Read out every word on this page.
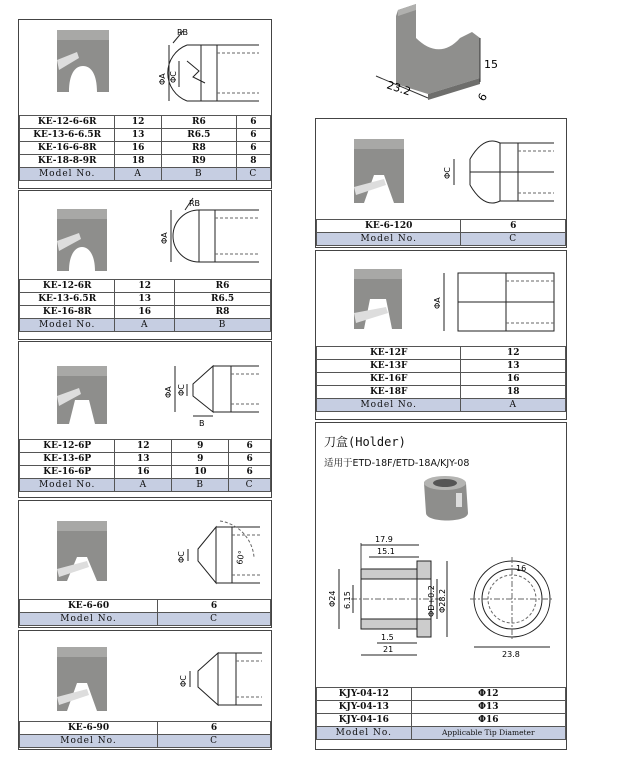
RB
ΦA ΦC
KE-12-6-6R	12	R6	6
KE-13-6-6.5R	13	R6.5	6
KE-16-6-8R	16	R8	6
KE-18-8-9R	18	R9	8
Model No.	A	B	C
RB
ΦA
KE-12-6R	12	R6
KE-13-6.5R	13	R6.5
KE-16-8R	16	R8
Model No.	A	B
ΦA ΦC
B
KE-12-6P	12	9	6
KE-13-6P	13	9	6
KE-16-6P	16	10	6
Model No.	A	B	C
ΦC	60°
KE-6-60	6
Model No.	C
ΦC
KE-6-90	6
Model No.	C
23.2
15
6
ΦC
KE-6-120	6
Model No.	C
ΦA
KE-12F	12
KE-13F	13
KE-16F	16
KE-18F	18
Model No.	A
刀盒(Holder)
适用于ETD-18F/ETD-18A/KJY-08
17.9
15.1
Φ24 6.15	ΦD+0.2 Φ28.2
1.5
21
16
23.8
KJY-04-12	Φ12
KJY-04-13	Φ13
KJY-04-16	Φ16
Model No.	Applicable Tip Diameter
